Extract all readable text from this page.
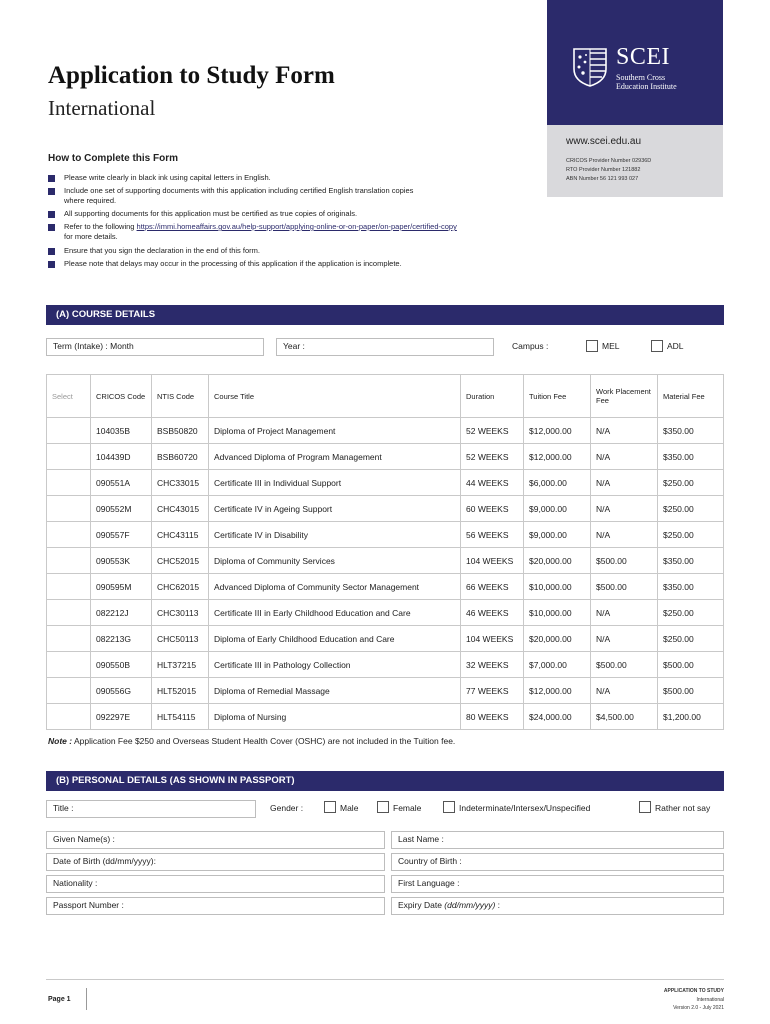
Application to Study Form
International
SCEI
Southern Cross
Education Institute
www.scei.edu.au
CRICOS Provider Number 02936D
RTO Provider Number 121882
ABN Number 56 121 993 027
How to Complete this Form
Please write clearly in black ink using capital letters in English.
Include one set of supporting documents with this application including certified English translation copies where required.
All supporting documents for this application must be certified as true copies of originals.
Refer to the following https://immi.homeaffairs.gov.au/help-support/applying-online-or-on-paper/on-paper/certified-copy for more details.
Ensure that you sign the declaration in the end of this form.
Please note that delays may occur in the processing of this application if the application is incomplete.
(A) COURSE DETAILS
Term (Intake) : Month	Year :	Campus :	MEL	ADL
Select	CRICOS Code	NTIS Code	Course Title	Duration	Tuition Fee	Work Placement Fee	Material Fee
	104035B	BSB50820	Diploma of Project Management	52 WEEKS	$12,000.00	N/A	$350.00
	104439D	BSB60720	Advanced Diploma of Program Management	52 WEEKS	$12,000.00	N/A	$350.00
	090551A	CHC33015	Certificate III in Individual Support	44 WEEKS	$6,000.00	N/A	$250.00
	090552M	CHC43015	Certificate IV in Ageing Support	60 WEEKS	$9,000.00	N/A	$250.00
	090557F	CHC43115	Certificate IV in Disability	56 WEEKS	$9,000.00	N/A	$250.00
	090553K	CHC52015	Diploma of Community Services	104 WEEKS	$20,000.00	$500.00	$350.00
	090595M	CHC62015	Advanced Diploma of Community Sector Management	66 WEEKS	$10,000.00	$500.00	$350.00
	082212J	CHC30113	Certificate III in Early Childhood Education and Care	46 WEEKS	$10,000.00	N/A	$250.00
	082213G	CHC50113	Diploma of Early Childhood Education and Care	104 WEEKS	$20,000.00	N/A	$250.00
	090550B	HLT37215	Certificate III in Pathology Collection	32 WEEKS	$7,000.00	$500.00	$500.00
	090556G	HLT52015	Diploma of Remedial Massage	77 WEEKS	$12,000.00	N/A	$500.00
	092297E	HLT54115	Diploma of Nursing	80 WEEKS	$24,000.00	$4,500.00	$1,200.00
Note : Application Fee $250 and Overseas Student Health Cover (OSHC) are not included in the Tuition fee.
(B) PERSONAL DETAILS (AS SHOWN IN PASSPORT)
Title :	Gender :	Male	Female	Indeterminate/Intersex/Unspecified	Rather not say
Given Name(s) :	Last Name :
Date of Birth (dd/mm/yyyy):	Country of Birth :
Nationality :	First Language :
Passport Number :	Expiry Date (dd/mm/yyyy) :
Page 1
APPLICATION TO STUDY
International
Version 2.0 - July 2021
